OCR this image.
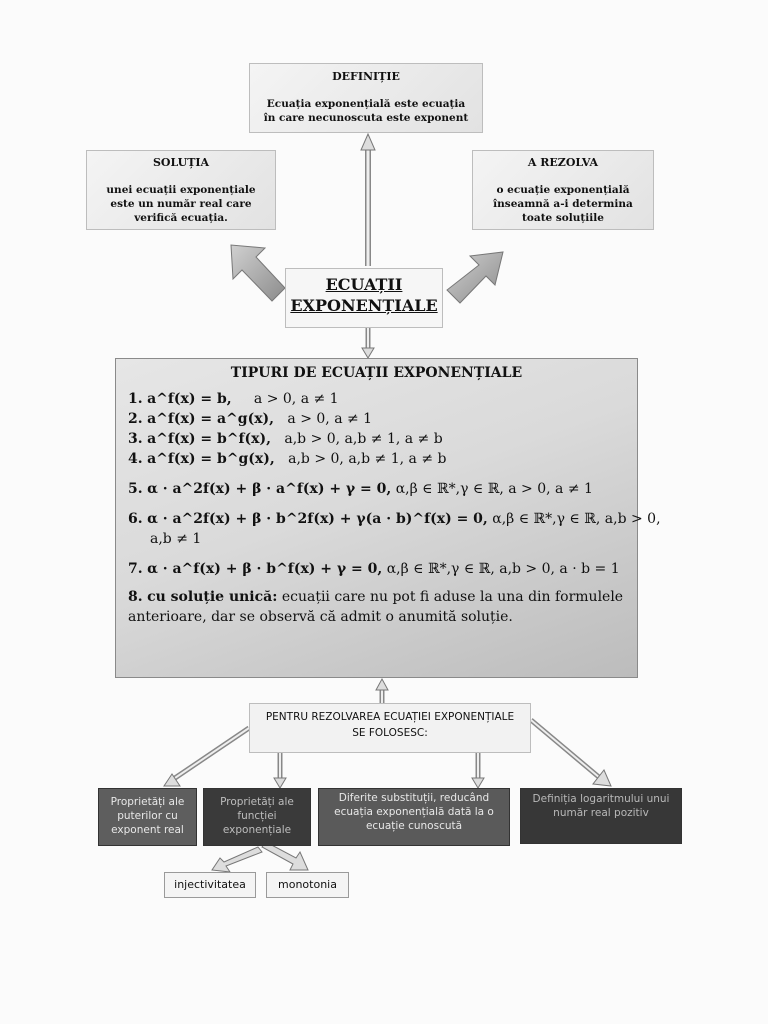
DEFINIȚIE
Ecuația exponențială este ecuația în care necunoscuta este exponent
SOLUȚIA
unei ecuații exponențiale este un număr real care verifică ecuația.
A REZOLVA
o ecuație exponențială înseamnă a-i determina toate soluțiile
ECUAȚII
EXPONENȚIALE
TIPURI DE ECUAȚII EXPONENȚIALE
1. a^f(x) = b, a > 0, a ≠ 1
2. a^f(x) = a^g(x), a > 0, a ≠ 1
3. a^f(x) = b^f(x), a,b > 0, a,b ≠ 1, a ≠ b
4. a^f(x) = b^g(x), a,b > 0, a,b ≠ 1, a ≠ b
5. α · a^2f(x) + β · a^f(x) + γ = 0, α,β ∈ ℝ*,γ ∈ ℝ, a > 0, a ≠ 1
6. α · a^2f(x) + β · b^2f(x) + γ(a · b)^f(x) = 0, α,β ∈ ℝ*,γ ∈ ℝ, a,b > 0,
a,b ≠ 1
7. α · a^f(x) + β · b^f(x) + γ = 0, α,β ∈ ℝ*,γ ∈ ℝ, a,b > 0, a · b = 1
8. cu soluție unică: ecuații care nu pot fi aduse la una din formulele anterioare, dar se observă că admit o anumită soluție.
PENTRU REZOLVAREA ECUAȚIEI EXPONENȚIALE
SE FOLOSESC:
Proprietăți ale puterilor cu exponent real
Proprietăți ale funcției exponențiale
Diferite substituții, reducând ecuația exponențială dată la o ecuație cunoscută
Definiția logaritmului unui număr real pozitiv
injectivitatea	monotonia
